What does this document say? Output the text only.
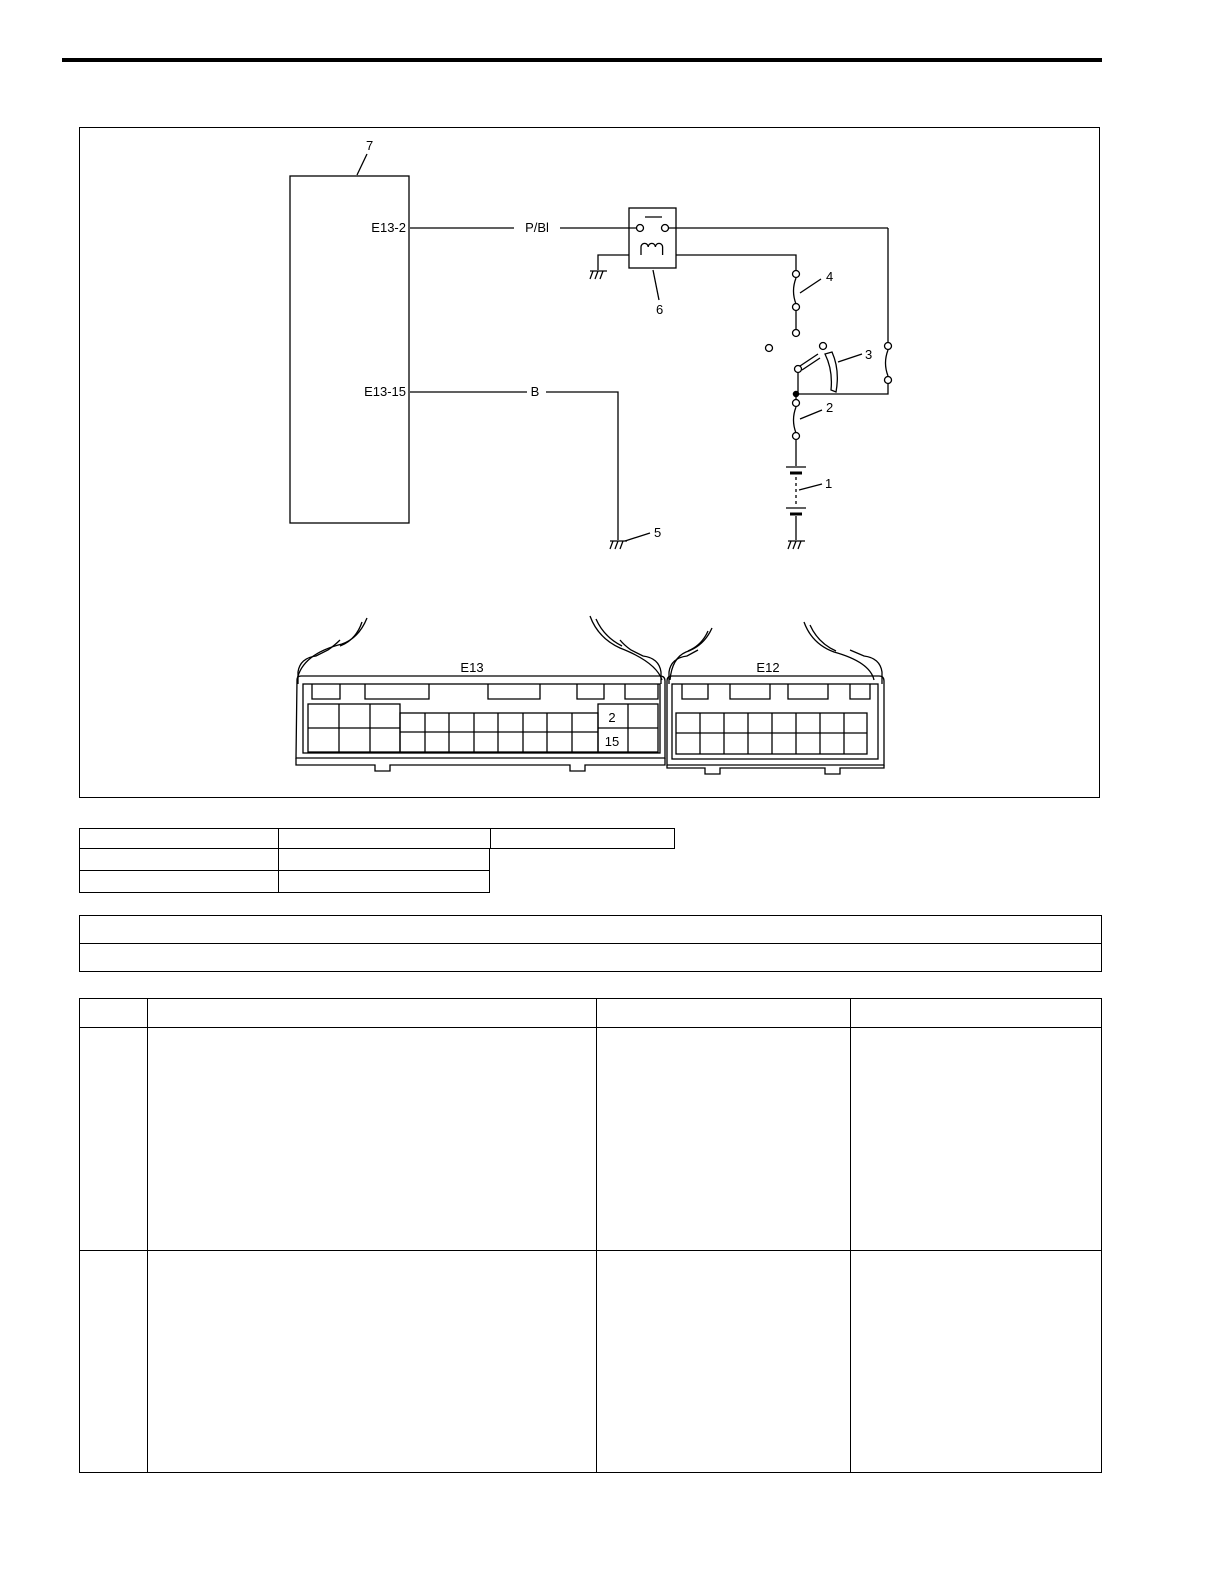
7
E13-2
E13-15
P/Bl
6
4
3
2
1
B
5
2
15
E13	E12
